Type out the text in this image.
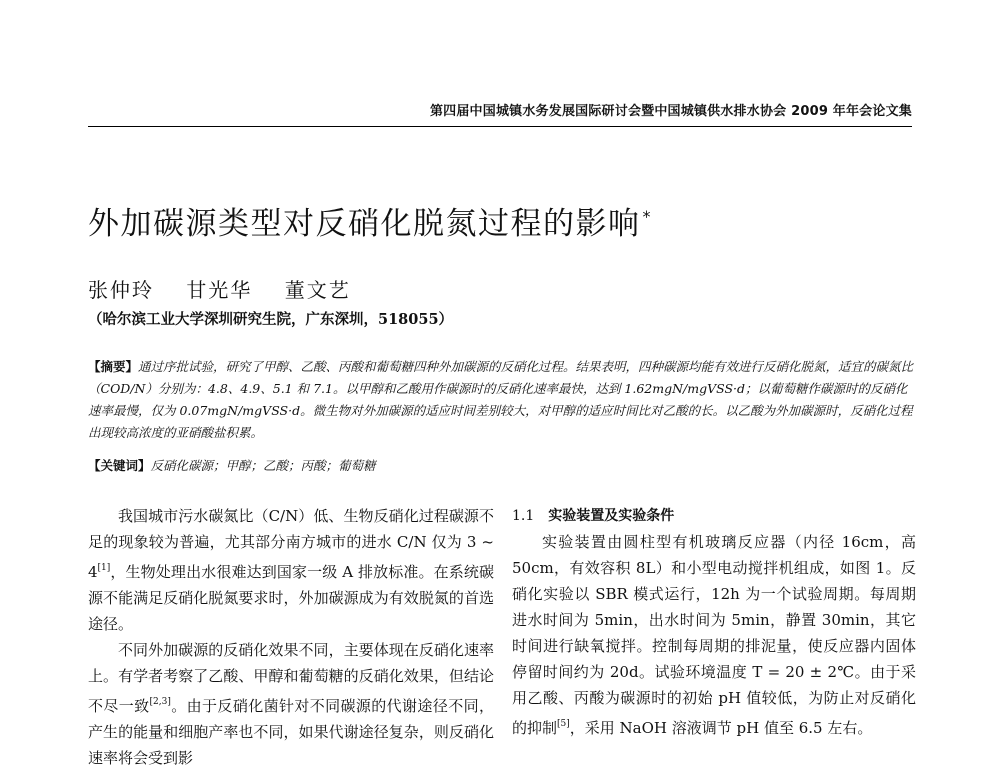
第四届中国城镇水务发展国际研讨会暨中国城镇供水排水协会 2009 年年会论文集
外加碳源类型对反硝化脱氮过程的影响 *
张仲玲 甘光华 董文艺
（哈尔滨工业大学深圳研究生院，广东深圳，518055）
【摘要】通过序批试验，研究了甲醇、乙酸、丙酸和葡萄糖四种外加碳源的反硝化过程。结果表明，四种碳源均能有效进行反硝化脱氮，适宜的碳氮比（COD/N）分别为：4.8、4.9、5.1 和 7.1。以甲醇和乙酸用作碳源时的反硝化速率最快，达到 1.62mgN/mgVSS·d；以葡萄糖作碳源时的反硝化速率最慢，仅为 0.07mgN/mgVSS·d。微生物对外加碳源的适应时间差别较大，对甲醇的适应时间比对乙酸的长。以乙酸为外加碳源时，反硝化过程出现较高浓度的亚硝酸盐积累。
【关键词】反硝化碳源；甲醇；乙酸；丙酸；葡萄糖

我国城市污水碳氮比（C/N）低、生物反硝化过程碳源不足的现象较为普遍，尤其部分南方城市的进水 C/N 仅为 3 ~ 4[1]，生物处理出水很难达到国家一级 A 排放标准。在系统碳源不能满足反硝化脱氮要求时，外加碳源成为有效脱氮的首选途径。

不同外加碳源的反硝化效果不同，主要体现在反硝化速率上。有学者考察了乙酸、甲醇和葡萄糖的反硝化效果，但结论不尽一致[2,3]。由于反硝化菌针对不同碳源的代谢途径不同，产生的能量和细胞产率也不同，如果代谢途径复杂，则反硝化速率将会受到影

1.1 实验装置及实验条件

实验装置由圆柱型有机玻璃反应器（内径 16cm，高 50cm，有效容积 8L）和小型电动搅拌机组成，如图 1。反硝化实验以 SBR 模式运行，12h 为一个试验周期。每周期进水时间为 5min，出水时间为 5min，静置 30min，其它时间进行缺氧搅拌。控制每周期的排泥量，使反应器内固体停留时间约为 20d。试验环境温度 T = 20 ± 2℃。由于采用乙酸、丙酸为碳源时的初始 pH 值较低，为防止对反硝化的抑制[5]，采用 NaOH 溶液调节 pH 值至 6.5 左右。
